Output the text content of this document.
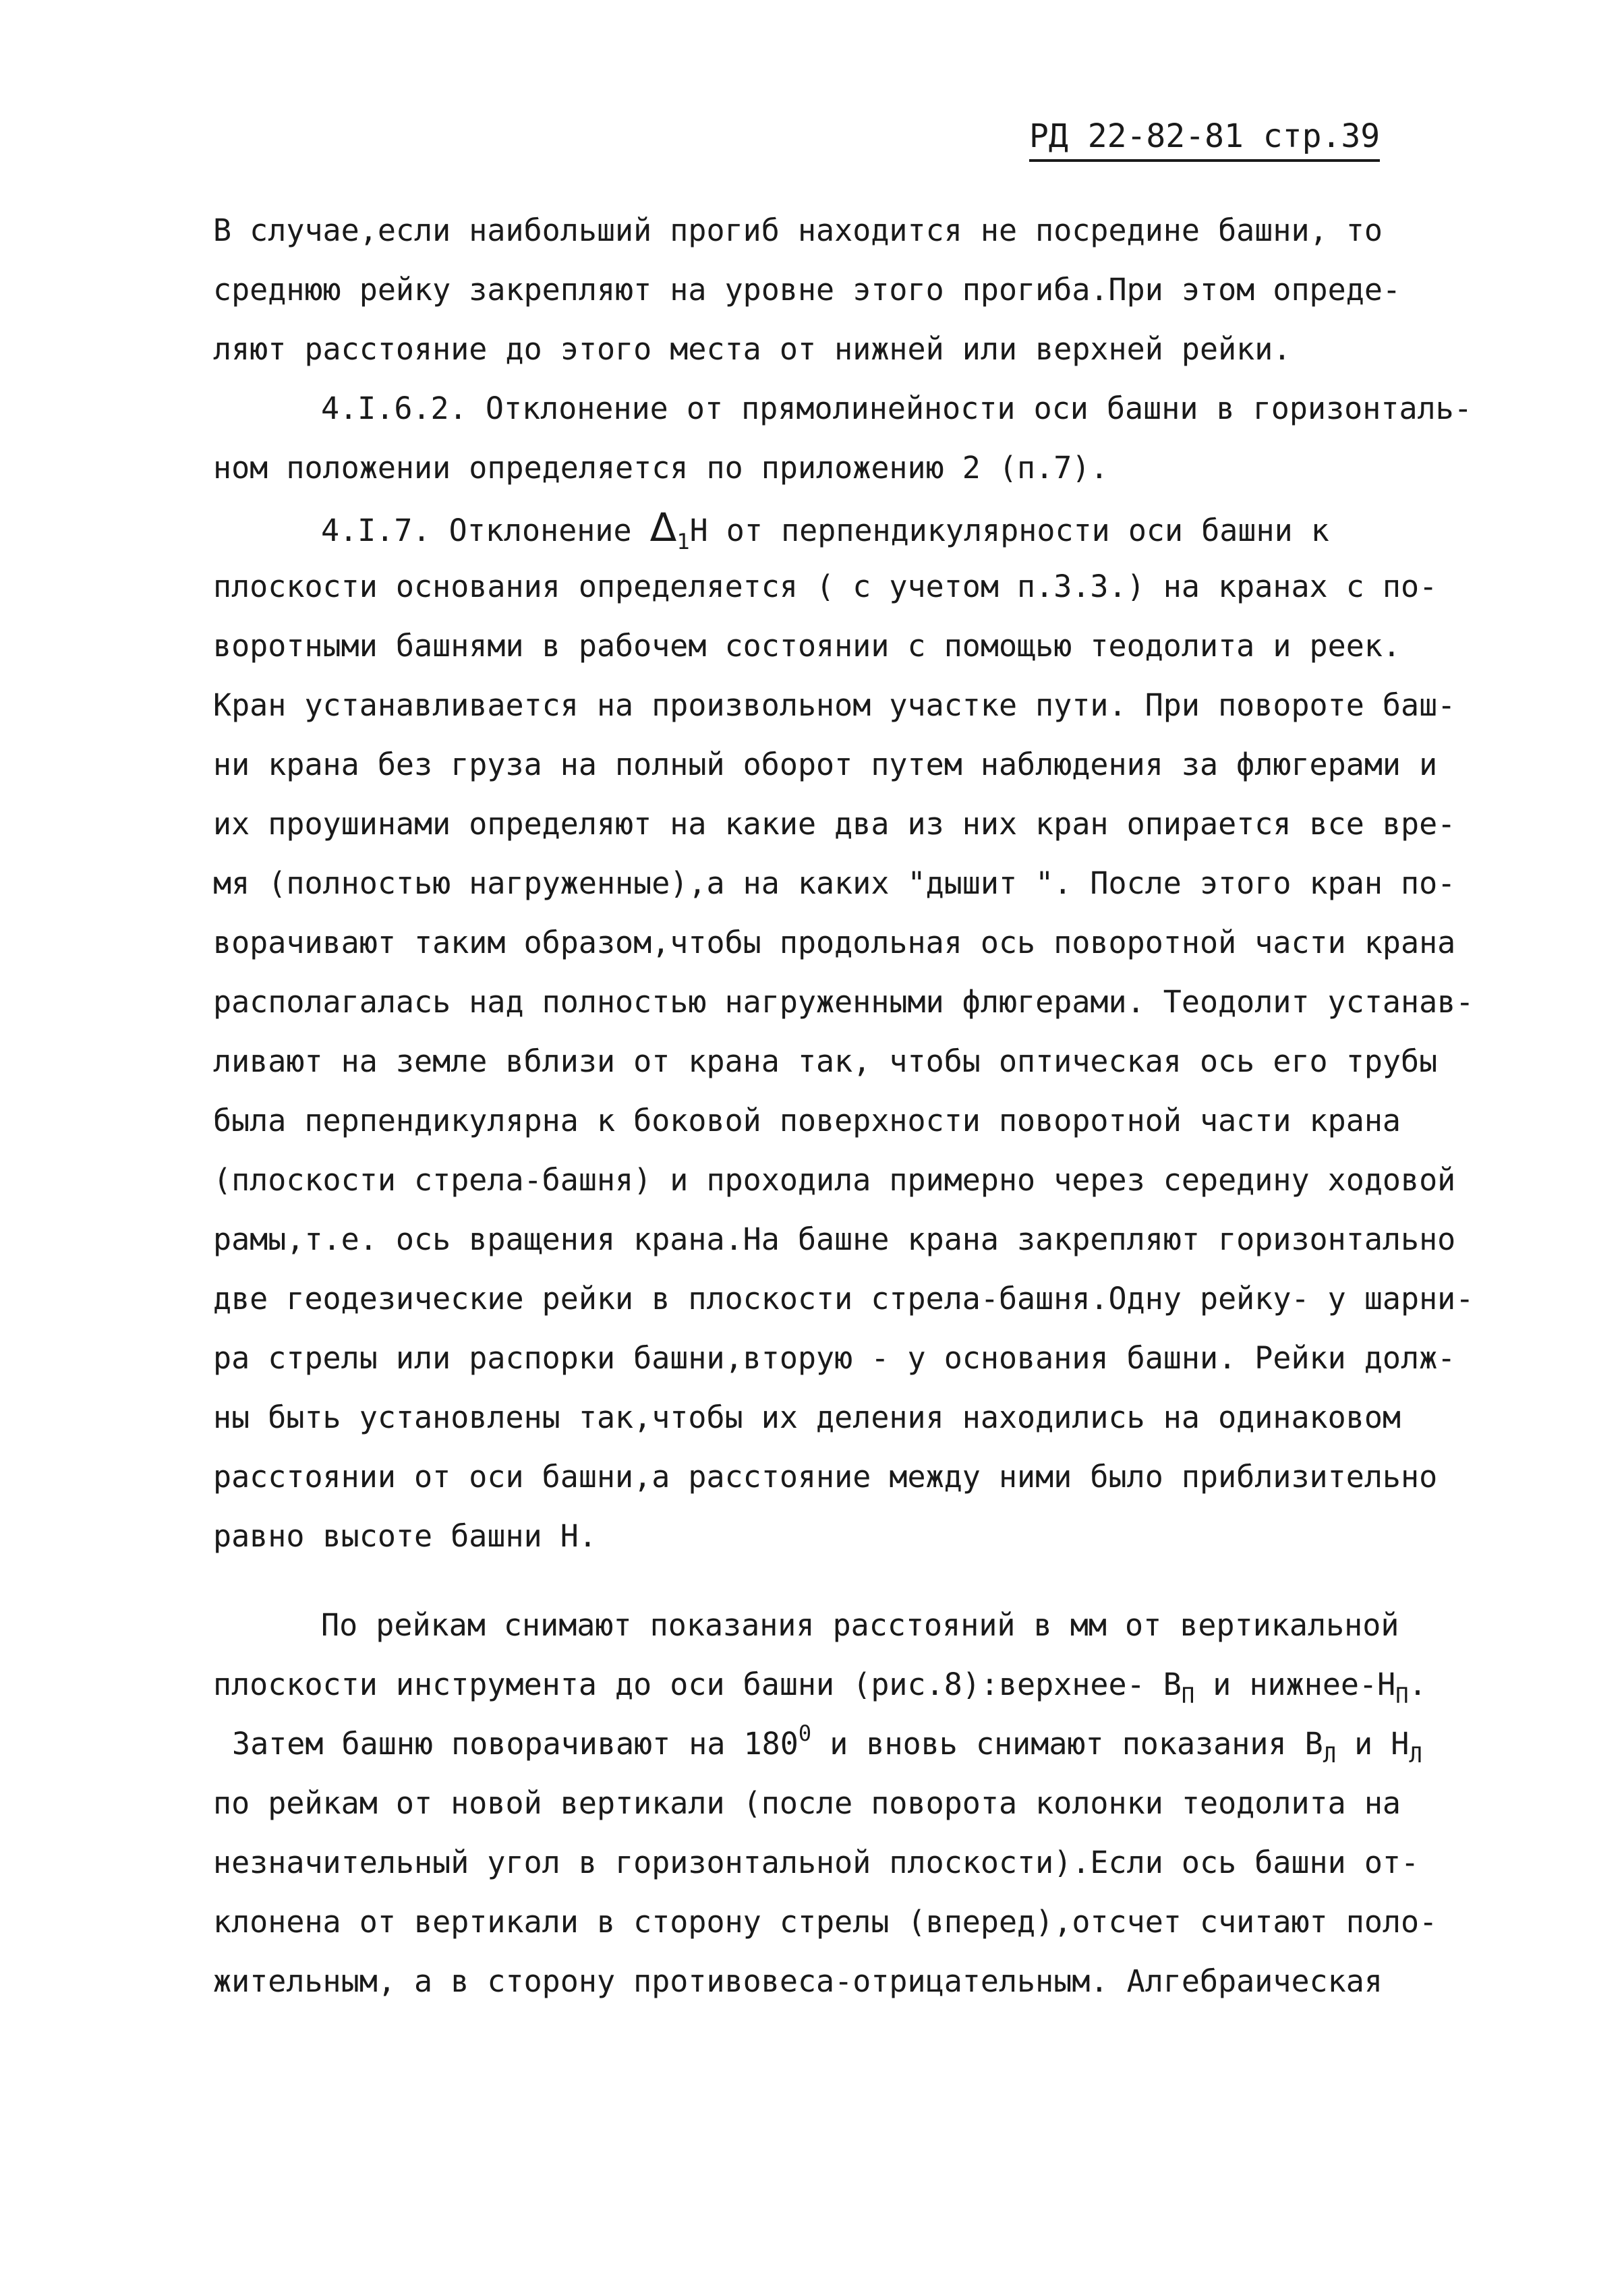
РД 22-82-81 стр.39
В случае,если наибольший прогиб находится не посредине башни, то
среднюю рейку закрепляют на уровне этого прогиба.При этом опреде-
ляют расстояние до этого места от нижней или верхней рейки.
4.I.6.2. Отклонение от прямолинейности оси башни в горизонталь-
ном положении определяется по приложению 2 (п.7).
4.I.7. Отклонение $\Delta_1H$ от перпендикулярности оси башни к
плоскости основания определяется ( с учетом п.3.3.) на кранах с по-
воротными башнями в рабочем состоянии с помощью теодолита и реек.
Кран устанавливается на произвольном участке пути. При повороте баш-
ни крана без груза на полный оборот путем наблюдения за флюгерами и
их проушинами определяют на какие два из них кран опирается все вре-
мя (полностью нагруженные),а на каких "дышит ". После этого кран по-
ворачивают таким образом,чтобы продольная ось поворотной части крана
располагалась над полностью нагруженными флюгерами. Теодолит устанав-
ливают на земле вблизи от крана так, чтобы оптическая ось его трубы
была перпендикулярна к боковой поверхности поворотной части крана
(плоскости стрела-башня) и проходила примерно через середину ходовой
рамы,т.е. ось вращения крана.На башне крана закрепляют горизонтально
две геодезические рейки в плоскости стрела-башня.Одну рейку- у шарни-
ра стрелы или распорки башни,вторую - у основания башни. Рейки долж-
ны быть установлены так,чтобы их деления находились на одинаковом
расстоянии от оси башни,а расстояние между ними было приблизительно
равно высоте башни H.
По рейкам снимают показания расстояний в мм от вертикальной
плоскости инструмента до оси башни (рис.8):верхнее- $В_П$ и нижнее-$Н_П$.
Затем башню поворачивают на $180^0$ и вновь снимают показания $В_Л$ и $Н_Л$
по рейкам от новой вертикали (после поворота колонки теодолита на
незначительный угол в горизонтальной плоскости).Если ось башни от-
клонена от вертикали в сторону стрелы (вперед),отсчет считают поло-
жительным, а в сторону противовеса-отрицательным. Алгебраическая
